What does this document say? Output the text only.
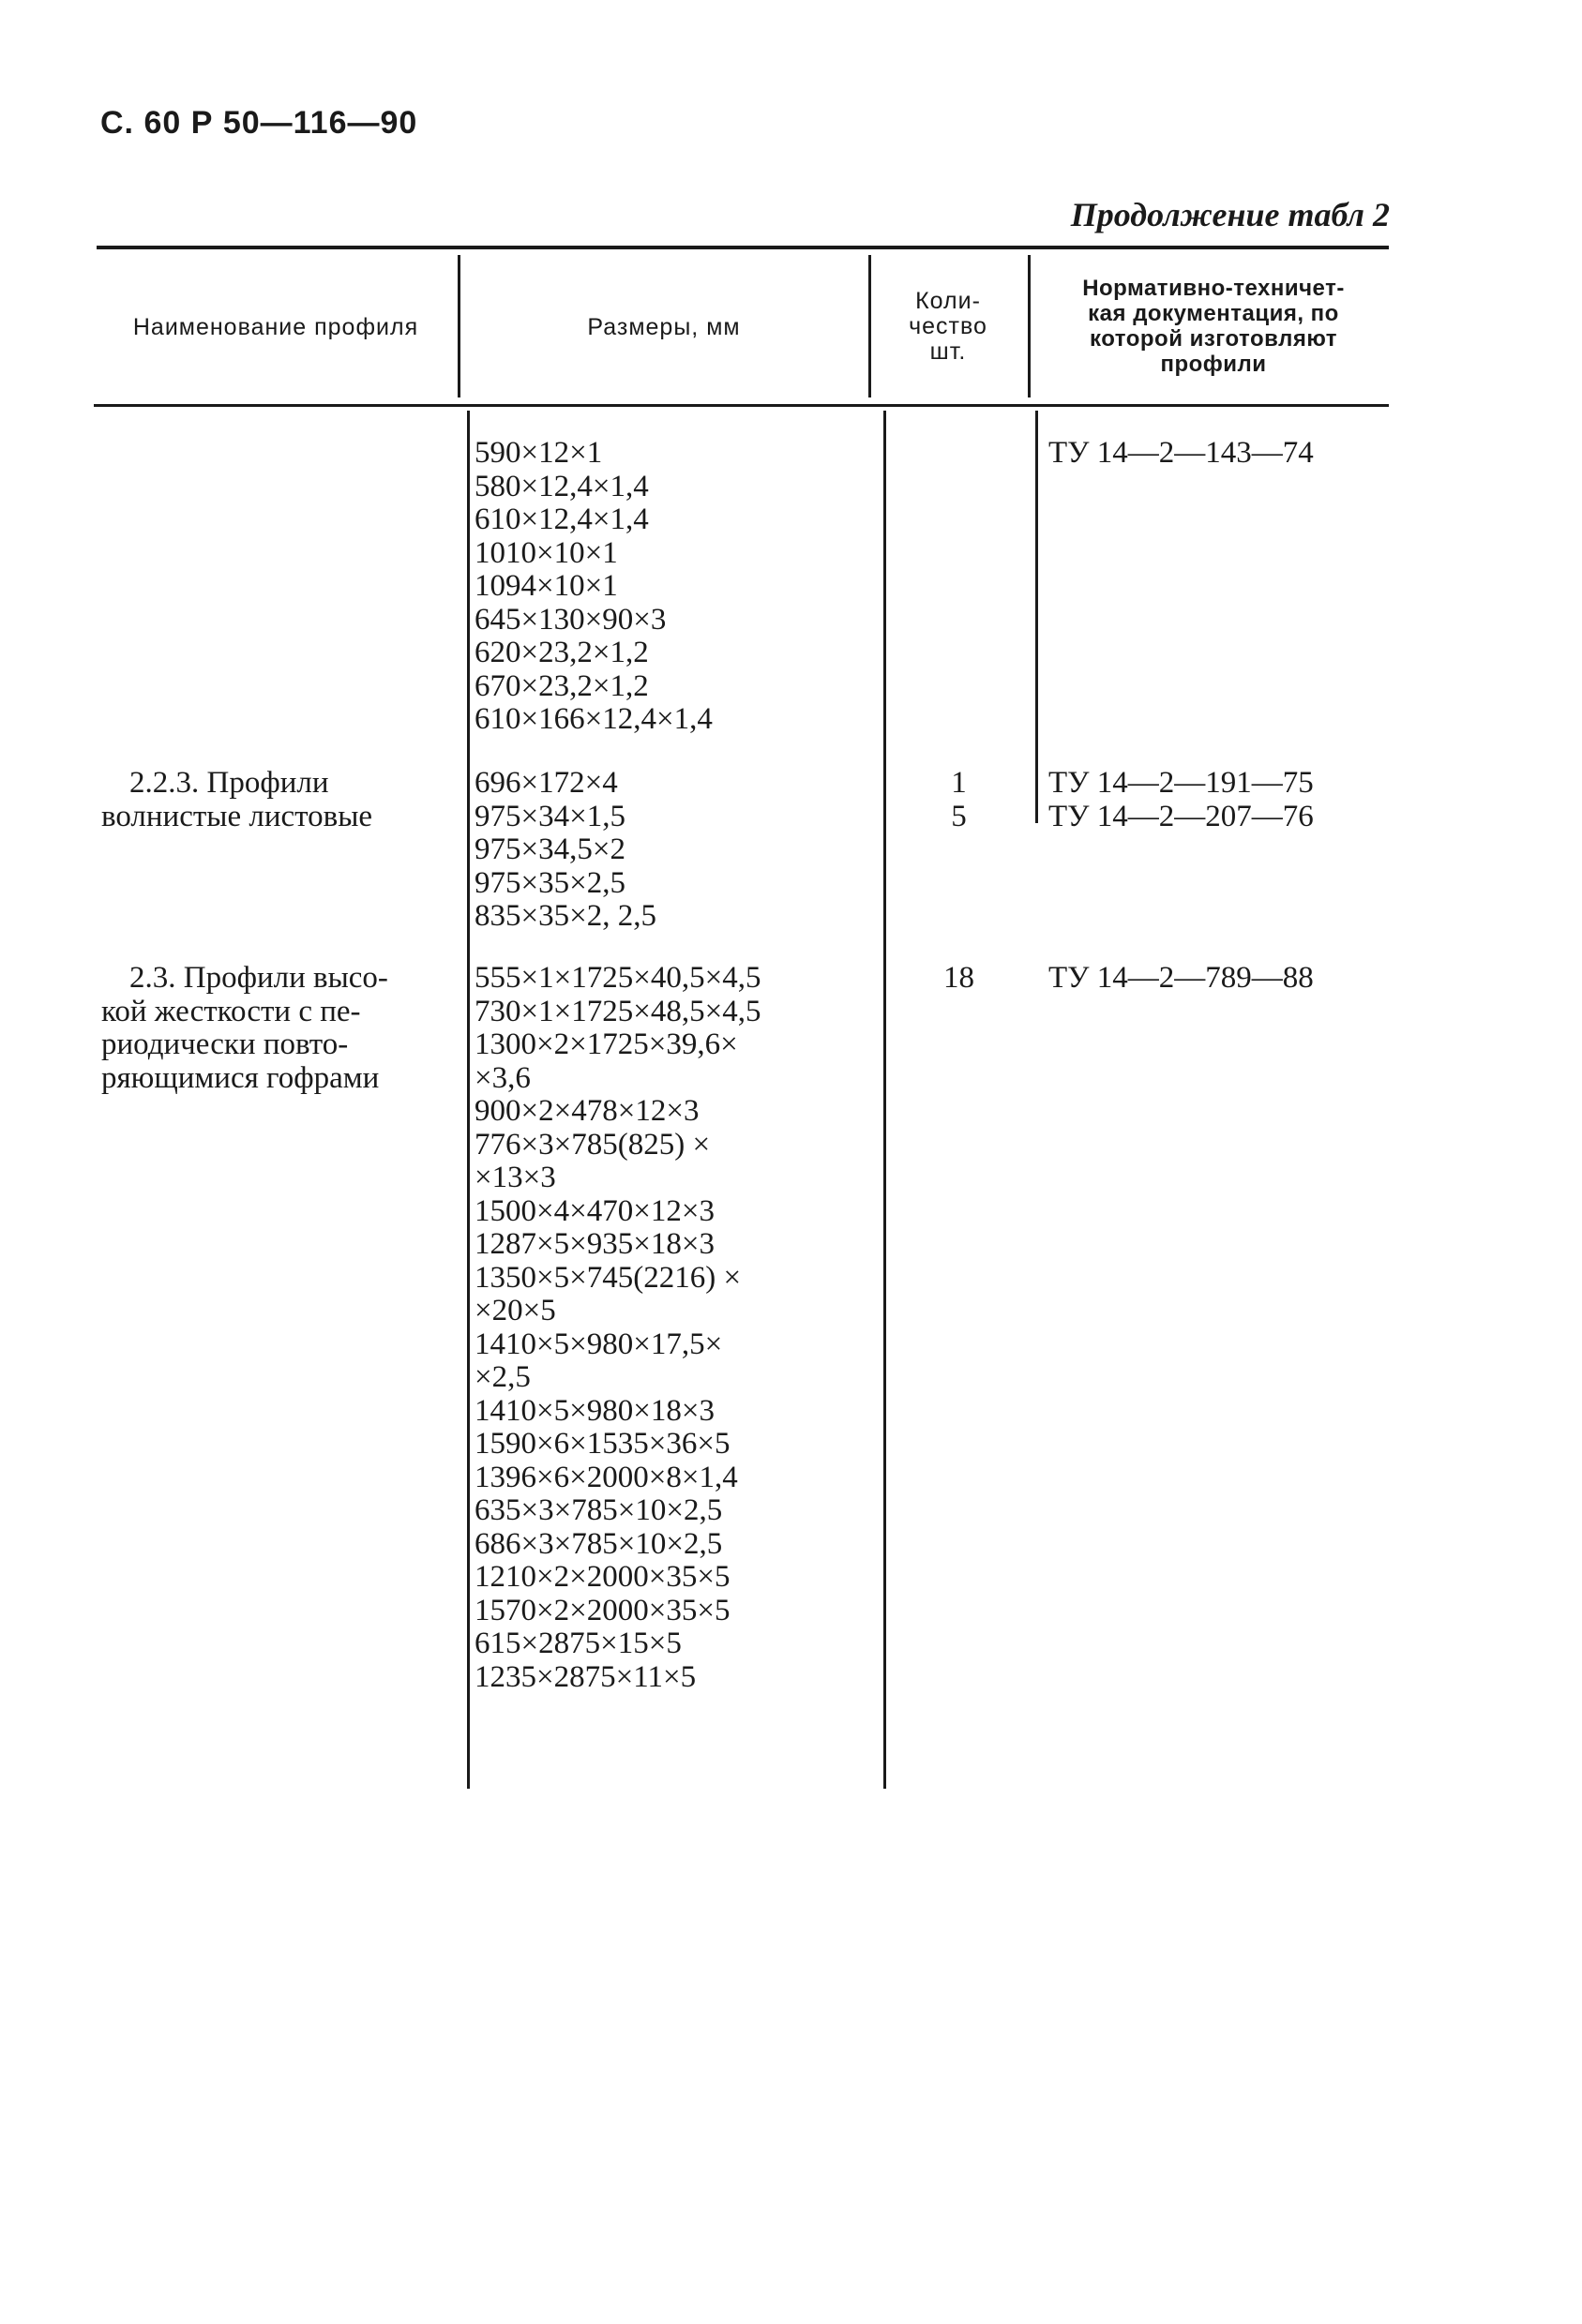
С. 60 Р 50—116—90
Продолжение табл 2
Наименование профиля	Размеры, мм
Коли-
чество
шт.
Нормативно-техничет-
кая документация, по
которой изготовляют
профили
590×12×1
580×12,4×1,4
610×12,4×1,4
1010×10×1
1094×10×1
645×130×90×3
620×23,2×1,2
670×23,2×1,2
610×166×12,4×1,4
ТУ 14—2—143—74
2.2.3. Профили
волнистые листовые
696×172×4
975×34×1,5
975×34,5×2
975×35×2,5
835×35×2, 2,5
1
5
ТУ 14—2—191—75
ТУ 14—2—207—76
2.3. Профили высо-
кой жесткости с пе-
риодически повто-
ряющимися гофрами
555×1×1725×40,5×4,5
730×1×1725×48,5×4,5
1300×2×1725×39,6×
×3,6
900×2×478×12×3
776×3×785(825) ×
×13×3
1500×4×470×12×3
1287×5×935×18×3
1350×5×745(2216) ×
×20×5
1410×5×980×17,5×
×2,5
1410×5×980×18×3
1590×6×1535×36×5
1396×6×2000×8×1,4
635×3×785×10×2,5
686×3×785×10×2,5
1210×2×2000×35×5
1570×2×2000×35×5
615×2875×15×5
1235×2875×11×5
18	ТУ 14—2—789—88
